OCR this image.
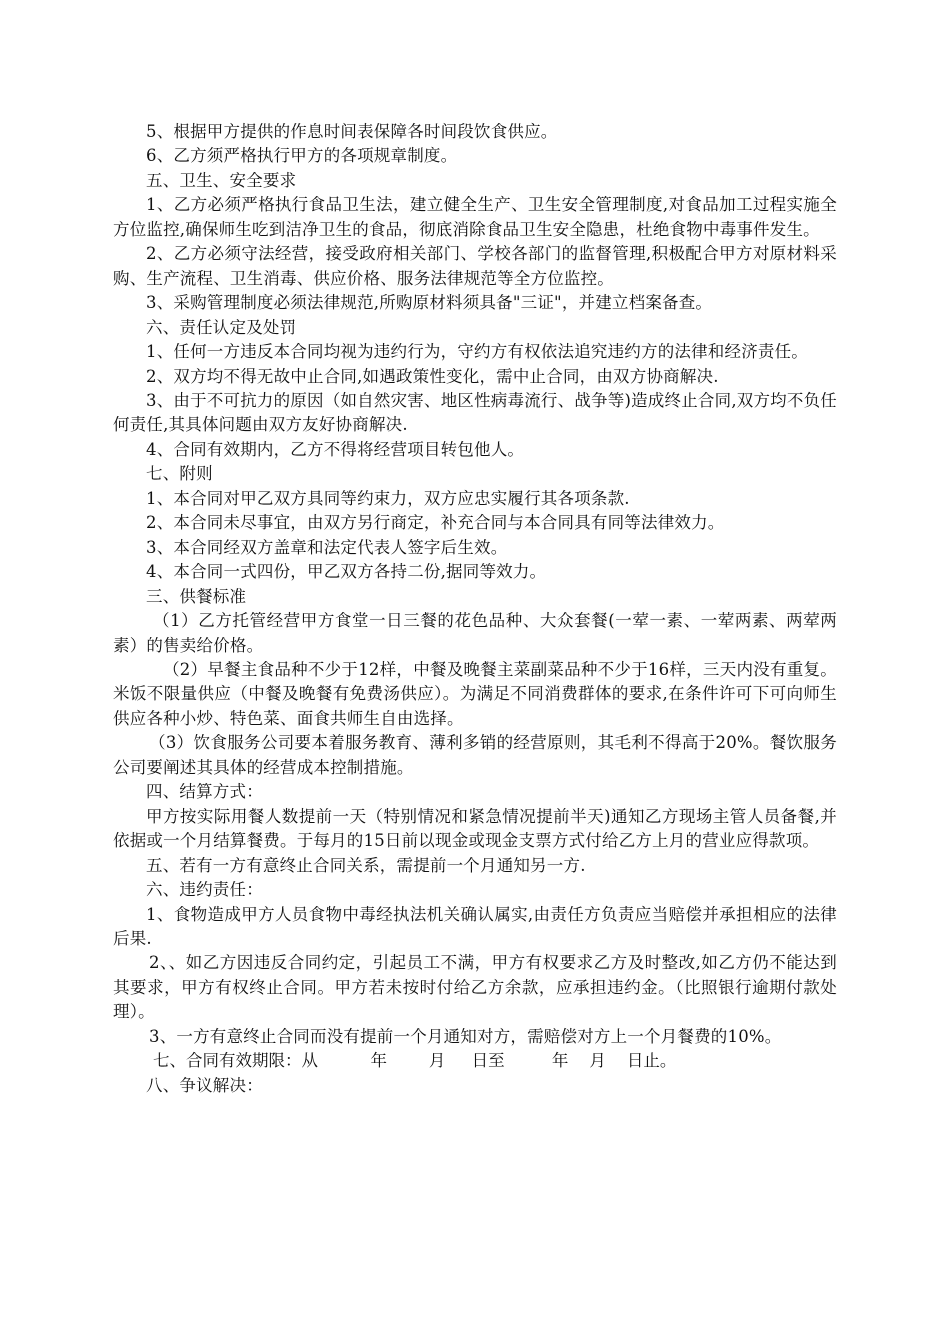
5、根据甲方提供的作息时间表保障各时间段饮食供应。

6、乙方须严格执行甲方的各项规章制度。

五、卫生、安全要求

1、乙方必须严格执行食品卫生法，建立健全生产、卫生安全管理制度,对食品加工过程实施全方位监控,确保师生吃到洁净卫生的食品，彻底消除食品卫生安全隐患，杜绝食物中毒事件发生。

2、乙方必须守法经营，接受政府相关部门、学校各部门的监督管理,积极配合甲方对原材料采购、生产流程、卫生消毒、供应价格、服务法律规范等全方位监控。

3、采购管理制度必须法律规范,所购原材料须具备"三证"，并建立档案备查。

六、责任认定及处罚

1、任何一方违反本合同均视为违约行为，守约方有权依法追究违约方的法律和经济责任。

2、双方均不得无故中止合同,如遇政策性变化，需中止合同，由双方协商解决.

3、由于不可抗力的原因（如自然灾害、地区性病毒流行、战争等)造成终止合同,双方均不负任何责任,其具体问题由双方友好协商解决.

4、合同有效期内，乙方不得将经营项目转包他人。

七、附则

1、本合同对甲乙双方具同等约束力，双方应忠实履行其各项条款.

2、本合同未尽事宜，由双方另行商定，补充合同与本合同具有同等法律效力。

3、本合同经双方盖章和法定代表人签字后生效。

4、本合同一式四份，甲乙双方各持二份,据同等效力。

三、供餐标准

（1）乙方托管经营甲方食堂一日三餐的花色品种、大众套餐(一荤一素、一荤两素、两荤两素）的售卖给价格。

（2）早餐主食品种不少于12样，中餐及晚餐主菜副菜品种不少于16样，三天内没有重复。米饭不限量供应（中餐及晚餐有免费汤供应）。为满足不同消费群体的要求,在条件许可下可向师生供应各种小炒、特色菜、面食共师生自由选择。

（3）饮食服务公司要本着服务教育、薄利多销的经营原则，其毛利不得高于20%。餐饮服务公司要阐述其具体的经营成本控制措施。

四、结算方式：

甲方按实际用餐人数提前一天（特别情况和紧急情况提前半天)通知乙方现场主管人员备餐,并依据或一个月结算餐费。于每月的15日前以现金或现金支票方式付给乙方上月的营业应得款项。

五、若有一方有意终止合同关系，需提前一个月通知另一方.

六、违约责任：

1、食物造成甲方人员食物中毒经执法机关确认属实,由责任方负责应当赔偿并承担相应的法律后果.

2、、如乙方因违反合同约定，引起员工不满，甲方有权要求乙方及时整改,如乙方仍不能达到其要求，甲方有权终止合同。甲方若未按时付给乙方余款，应承担违约金。（比照银行逾期付款处理）。

3、一方有意终止合同而没有提前一个月通知对方，需赔偿对方上一个月餐费的10%。

七、合同有效期限：从	年	月 日至	年 月 日止。

八、争议解决：
